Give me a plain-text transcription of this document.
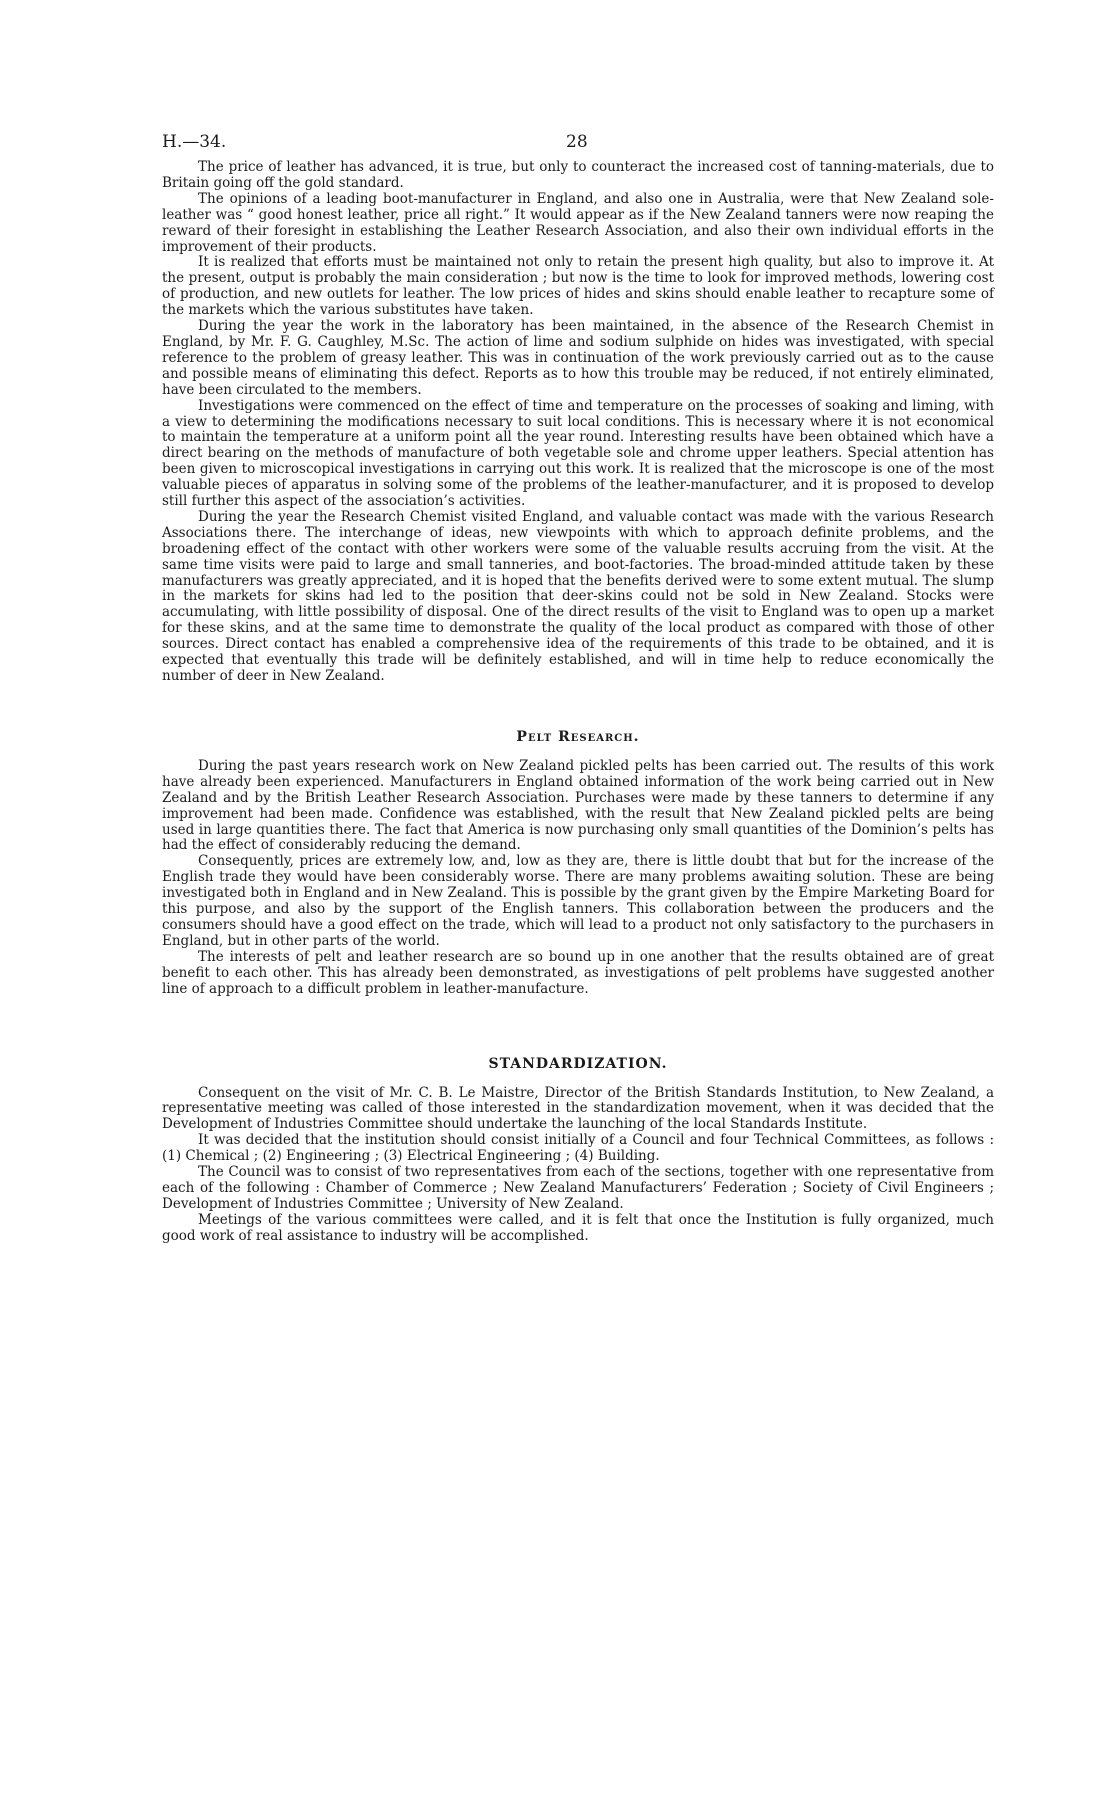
H.—34.	28

The price of leather has advanced, it is true, but only to counteract the increased cost of tanning-materials, due to Britain going off the gold standard.

The opinions of a leading boot-manufacturer in England, and also one in Australia, were that New Zealand sole-leather was “ good honest leather, price all right.” It would appear as if the New Zealand tanners were now reaping the reward of their foresight in establishing the Leather Research Association, and also their own individual efforts in the improvement of their products.

It is realized that efforts must be maintained not only to retain the present high quality, but also to improve it. At the present, output is probably the main consideration ; but now is the time to look for improved methods, lowering cost of production, and new outlets for leather. The low prices of hides and skins should enable leather to recapture some of the markets which the various substitutes have taken.

During the year the work in the laboratory has been maintained, in the absence of the Research Chemist in England, by Mr. F. G. Caughley, M.Sc. The action of lime and sodium sulphide on hides was investigated, with special reference to the problem of greasy leather. This was in continuation of the work previously carried out as to the cause and possible means of eliminating this defect. Reports as to how this trouble may be reduced, if not entirely eliminated, have been circulated to the members.

Investigations were commenced on the effect of time and temperature on the processes of soaking and liming, with a view to determining the modifications necessary to suit local conditions. This is necessary where it is not economical to maintain the temperature at a uniform point all the year round. Interesting results have been obtained which have a direct bearing on the methods of manufacture of both vegetable sole and chrome upper leathers. Special attention has been given to microscopical investigations in carrying out this work. It is realized that the microscope is one of the most valuable pieces of apparatus in solving some of the problems of the leather-manufacturer, and it is proposed to develop still further this aspect of the association’s activities.

During the year the Research Chemist visited England, and valuable contact was made with the various Research Associations there. The interchange of ideas, new viewpoints with which to approach definite problems, and the broadening effect of the contact with other workers were some of the valuable results accruing from the visit. At the same time visits were paid to large and small tanneries, and boot-factories. The broad-minded attitude taken by these manufacturers was greatly appreciated, and it is hoped that the benefits derived were to some extent mutual. The slump in the markets for skins had led to the position that deer-skins could not be sold in New Zealand. Stocks were accumulating, with little possibility of disposal. One of the direct results of the visit to England was to open up a market for these skins, and at the same time to demonstrate the quality of the local product as compared with those of other sources. Direct contact has enabled a comprehensive idea of the requirements of this trade to be obtained, and it is expected that eventually this trade will be definitely established, and will in time help to reduce economically the number of deer in New Zealand.

Pelt Research.

During the past years research work on New Zealand pickled pelts has been carried out. The results of this work have already been experienced. Manufacturers in England obtained information of the work being carried out in New Zealand and by the British Leather Research Association. Purchases were made by these tanners to determine if any improvement had been made. Confidence was established, with the result that New Zealand pickled pelts are being used in large quantities there. The fact that America is now purchasing only small quantities of the Dominion’s pelts has had the effect of considerably reducing the demand.

Consequently, prices are extremely low, and, low as they are, there is little doubt that but for the increase of the English trade they would have been considerably worse. There are many problems awaiting solution. These are being investigated both in England and in New Zealand. This is possible by the grant given by the Empire Marketing Board for this purpose, and also by the support of the English tanners. This collaboration between the producers and the consumers should have a good effect on the trade, which will lead to a product not only satisfactory to the purchasers in England, but in other parts of the world.

The interests of pelt and leather research are so bound up in one another that the results obtained are of great benefit to each other. This has already been demonstrated, as investigations of pelt problems have suggested another line of approach to a difficult problem in leather-manufacture.

STANDARDIZATION.

Consequent on the visit of Mr. C. B. Le Maistre, Director of the British Standards Institution, to New Zealand, a representative meeting was called of those interested in the standardization movement, when it was decided that the Development of Industries Committee should undertake the launching of the local Standards Institute.

It was decided that the institution should consist initially of a Council and four Technical Committees, as follows : (1) Chemical ; (2) Engineering ; (3) Electrical Engineering ; (4) Building.

The Council was to consist of two representatives from each of the sections, together with one representative from each of the following : Chamber of Commerce ; New Zealand Manufacturers’ Federation ; Society of Civil Engineers ; Development of Industries Committee ; University of New Zealand.

Meetings of the various committees were called, and it is felt that once the Institution is fully organized, much good work of real assistance to industry will be accomplished.
